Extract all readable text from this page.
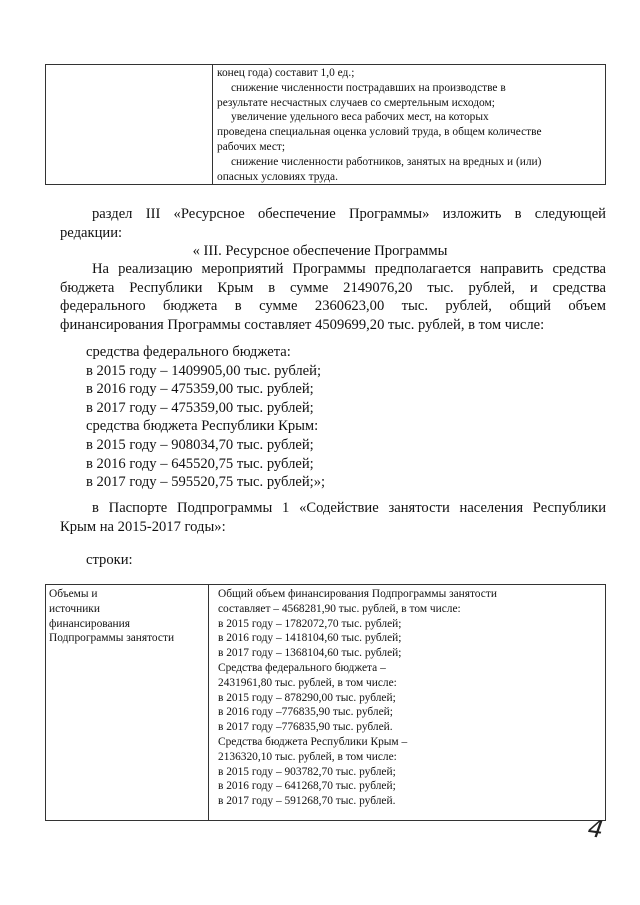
конец года) составит 1,0 ед.;
снижение численности пострадавших на производстве в
результате несчастных случаев со смертельным исходом;
увеличение удельного веса рабочих мест, на которых
проведена специальная оценка условий труда, в общем количестве
рабочих мест;
снижение численности работников, занятых на вредных и (или)
опасных условиях труда.
раздел III «Ресурсное обеспечение Программы» изложить в следующей
редакции:
« III. Ресурсное обеспечение Программы
На реализацию мероприятий Программы предполагается направить средства
бюджета Республики Крым в сумме 2149076,20 тыс. рублей, и средства
федерального бюджета в сумме 2360623,00 тыс. рублей, общий объем
финансирования Программы составляет 4509699,20 тыс. рублей, в том числе:
средства федерального бюджета:
в 2015 году – 1409905,00 тыс. рублей;
в 2016 году – 475359,00 тыс. рублей;
в 2017 году – 475359,00 тыс. рублей;
средства бюджета Республики Крым:
в 2015 году – 908034,70 тыс. рублей;
в 2016 году – 645520,75 тыс. рублей;
в 2017 году – 595520,75 тыс. рублей;»;
в Паспорте Подпрограммы 1 «Содействие занятости населения Республики
Крым на 2015-2017 годы»:
строки:
Объемы и
источники
финансирования
Подпрограммы занятости
Общий объем финансирования Подпрограммы занятости
составляет – 4568281,90 тыс. рублей, в том числе:
в 2015 году – 1782072,70 тыс. рублей;
в 2016 году – 1418104,60 тыс. рублей;
в 2017 году – 1368104,60 тыс. рублей;
Средства федерального бюджета –
2431961,80 тыс. рублей, в том числе:
в 2015 году – 878290,00 тыс. рублей;
в 2016 году –776835,90 тыс. рублей;
в 2017 году –776835,90 тыс. рублей.
Средства бюджета Республики Крым –
2136320,10 тыс. рублей, в том числе:
в 2015 году – 903782,70 тыс. рублей;
в 2016 году – 641268,70 тыс. рублей;
в 2017 году – 591268,70 тыс. рублей.
4
